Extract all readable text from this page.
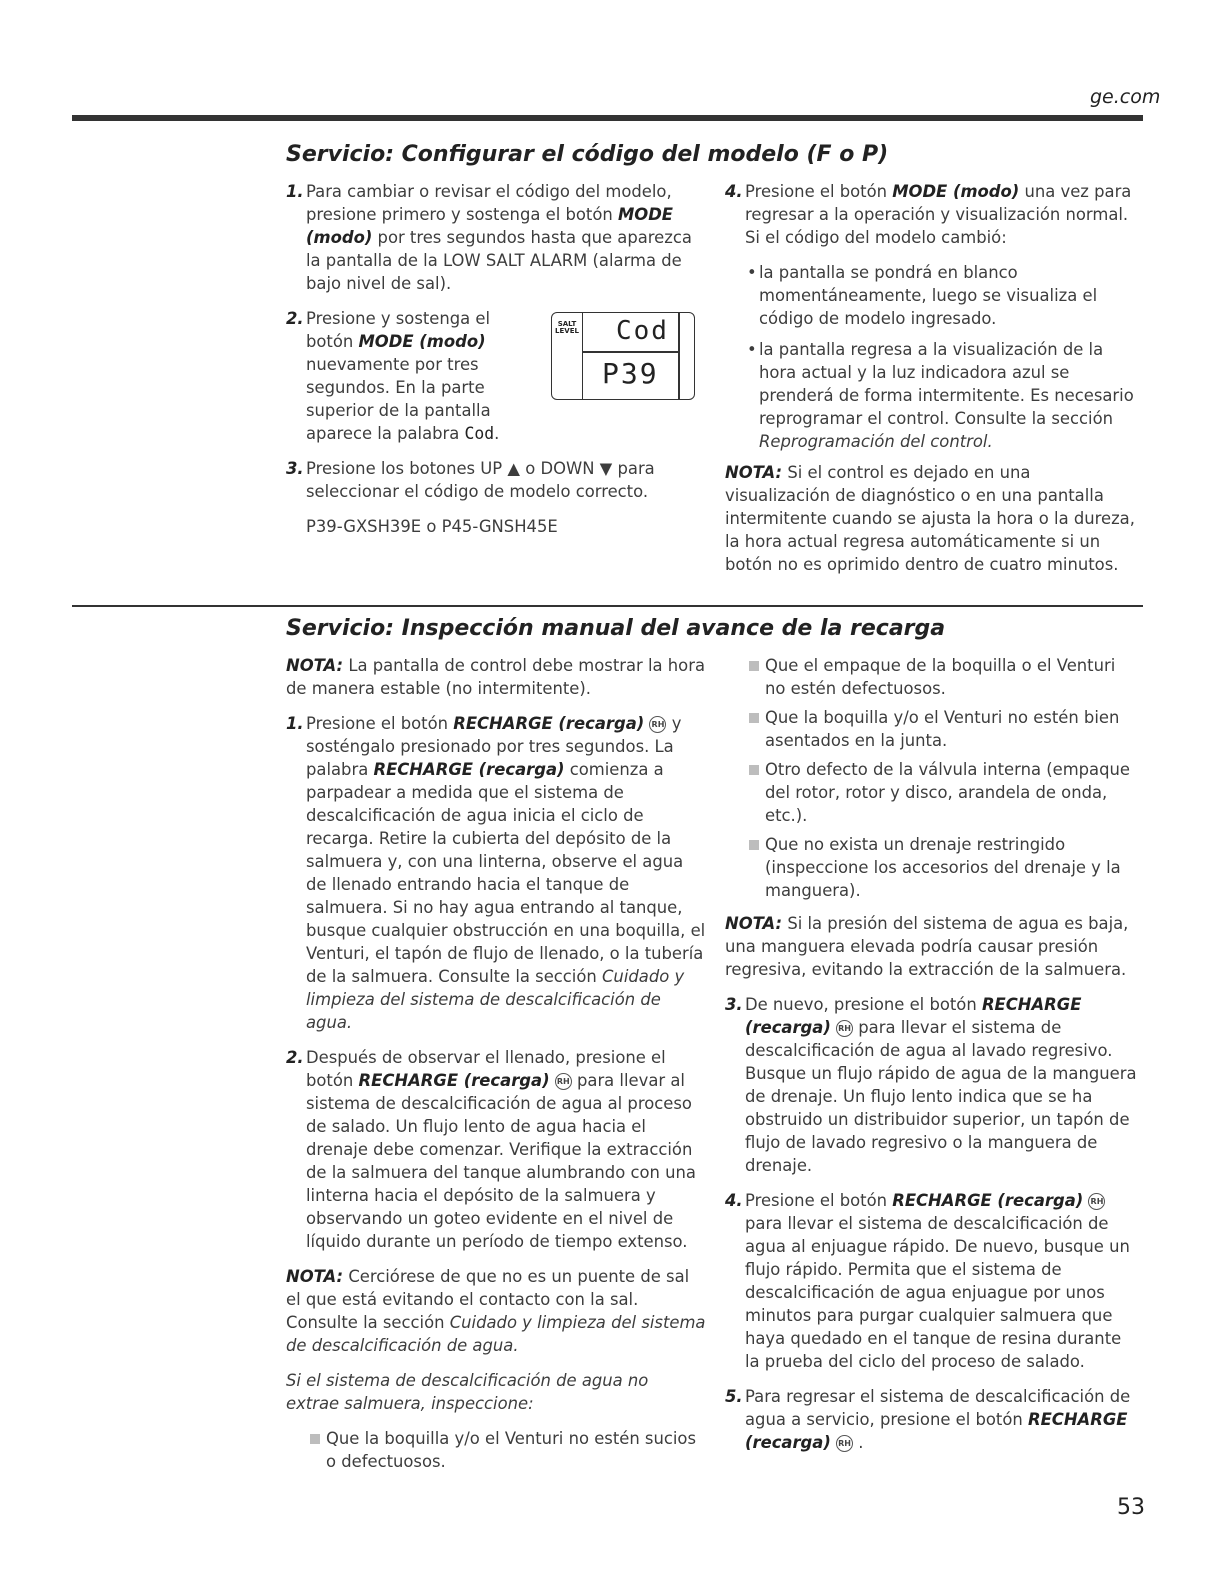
ge.com
Servicio: Configurar el código del modelo (F o P)
1. Para cambiar o revisar el código del modelo, presione primero y sostenga el botón MODE (modo) por tres segundos hasta que aparezca la pantalla de la LOW SALT ALARM (alarma de bajo nivel de sal).
2. Presione y sostenga el botón MODE (modo) nuevamente por tres segundos. En la parte superior de la pantalla aparece la palabra Cod.
3. Presione los botones UP ▲ o DOWN ▼ para seleccionar el código de modelo correcto.

P39-GXSH39E o P45-GNSH45E

SALT
LEVEL Cod
P39
4. Presione el botón MODE (modo) una vez para regresar a la operación y visualización normal. Si el código del modelo cambió:
• la pantalla se pondrá en blanco momentáneamente, luego se visualiza el código de modelo ingresado.
• la pantalla regresa a la visualización de la hora actual y la luz indicadora azul se prenderá de forma intermitente. Es necesario reprogramar el control. Consulte la sección Reprogramación del control.

NOTA: Si el control es dejado en una visualización de diagnóstico o en una pantalla intermitente cuando se ajusta la hora o la dureza, la hora actual regresa automáticamente si un botón no es oprimido dentro de cuatro minutos.

Servicio: Inspección manual del avance de la recarga

NOTA: La pantalla de control debe mostrar la hora de manera estable (no intermitente).

1. Presione el botón RECHARGE (recarga) RH y sosténgalo presionado por tres segundos. La palabra RECHARGE (recarga) comienza a parpadear a medida que el sistema de descalcificación de agua inicia el ciclo de recarga. Retire la cubierta del depósito de la salmuera y, con una linterna, observe el agua de llenado entrando hacia el tanque de salmuera. Si no hay agua entrando al tanque, busque cualquier obstrucción en una boquilla, el Venturi, el tapón de flujo de llenado, o la tubería de la salmuera. Consulte la sección Cuidado y limpieza del sistema de descalcificación de agua.
2. Después de observar el llenado, presione el botón RECHARGE (recarga) RH para llevar al sistema de descalcificación de agua al proceso de salado. Un flujo lento de agua hacia el drenaje debe comenzar. Verifique la extracción de la salmuera del tanque alumbrando con una linterna hacia el depósito de la salmuera y observando un goteo evidente en el nivel de líquido durante un período de tiempo extenso.

NOTA: Cerciórese de que no es un puente de sal el que está evitando el contacto con la sal. Consulte la sección Cuidado y limpieza del sistema de descalcificación de agua.

Si el sistema de descalcificación de agua no extrae salmuera, inspeccione:

Que la boquilla y/o el Venturi no estén sucios o defectuosos.
Que el empaque de la boquilla o el Venturi no estén defectuosos.
Que la boquilla y/o el Venturi no estén bien asentados en la junta.
Otro defecto de la válvula interna (empaque del rotor, rotor y disco, arandela de onda, etc.).
Que no exista un drenaje restringido (inspeccione los accesorios del drenaje y la manguera).

NOTA: Si la presión del sistema de agua es baja, una manguera elevada podría causar presión regresiva, evitando la extracción de la salmuera.

3. De nuevo, presione el botón RECHARGE (recarga) RH para llevar el sistema de descalcificación de agua al lavado regresivo. Busque un flujo rápido de agua de la manguera de drenaje. Un flujo lento indica que se ha obstruido un distribuidor superior, un tapón de flujo de lavado regresivo o la manguera de drenaje.
4. Presione el botón RECHARGE (recarga) RH para llevar el sistema de descalcificación de agua al enjuague rápido. De nuevo, busque un flujo rápido. Permita que el sistema de descalcificación de agua enjuague por unos minutos para purgar cualquier salmuera que haya quedado en el tanque de resina durante la prueba del ciclo del proceso de salado.
5. Para regresar el sistema de descalcificación de agua a servicio, presione el botón RECHARGE (recarga) RH .
53
